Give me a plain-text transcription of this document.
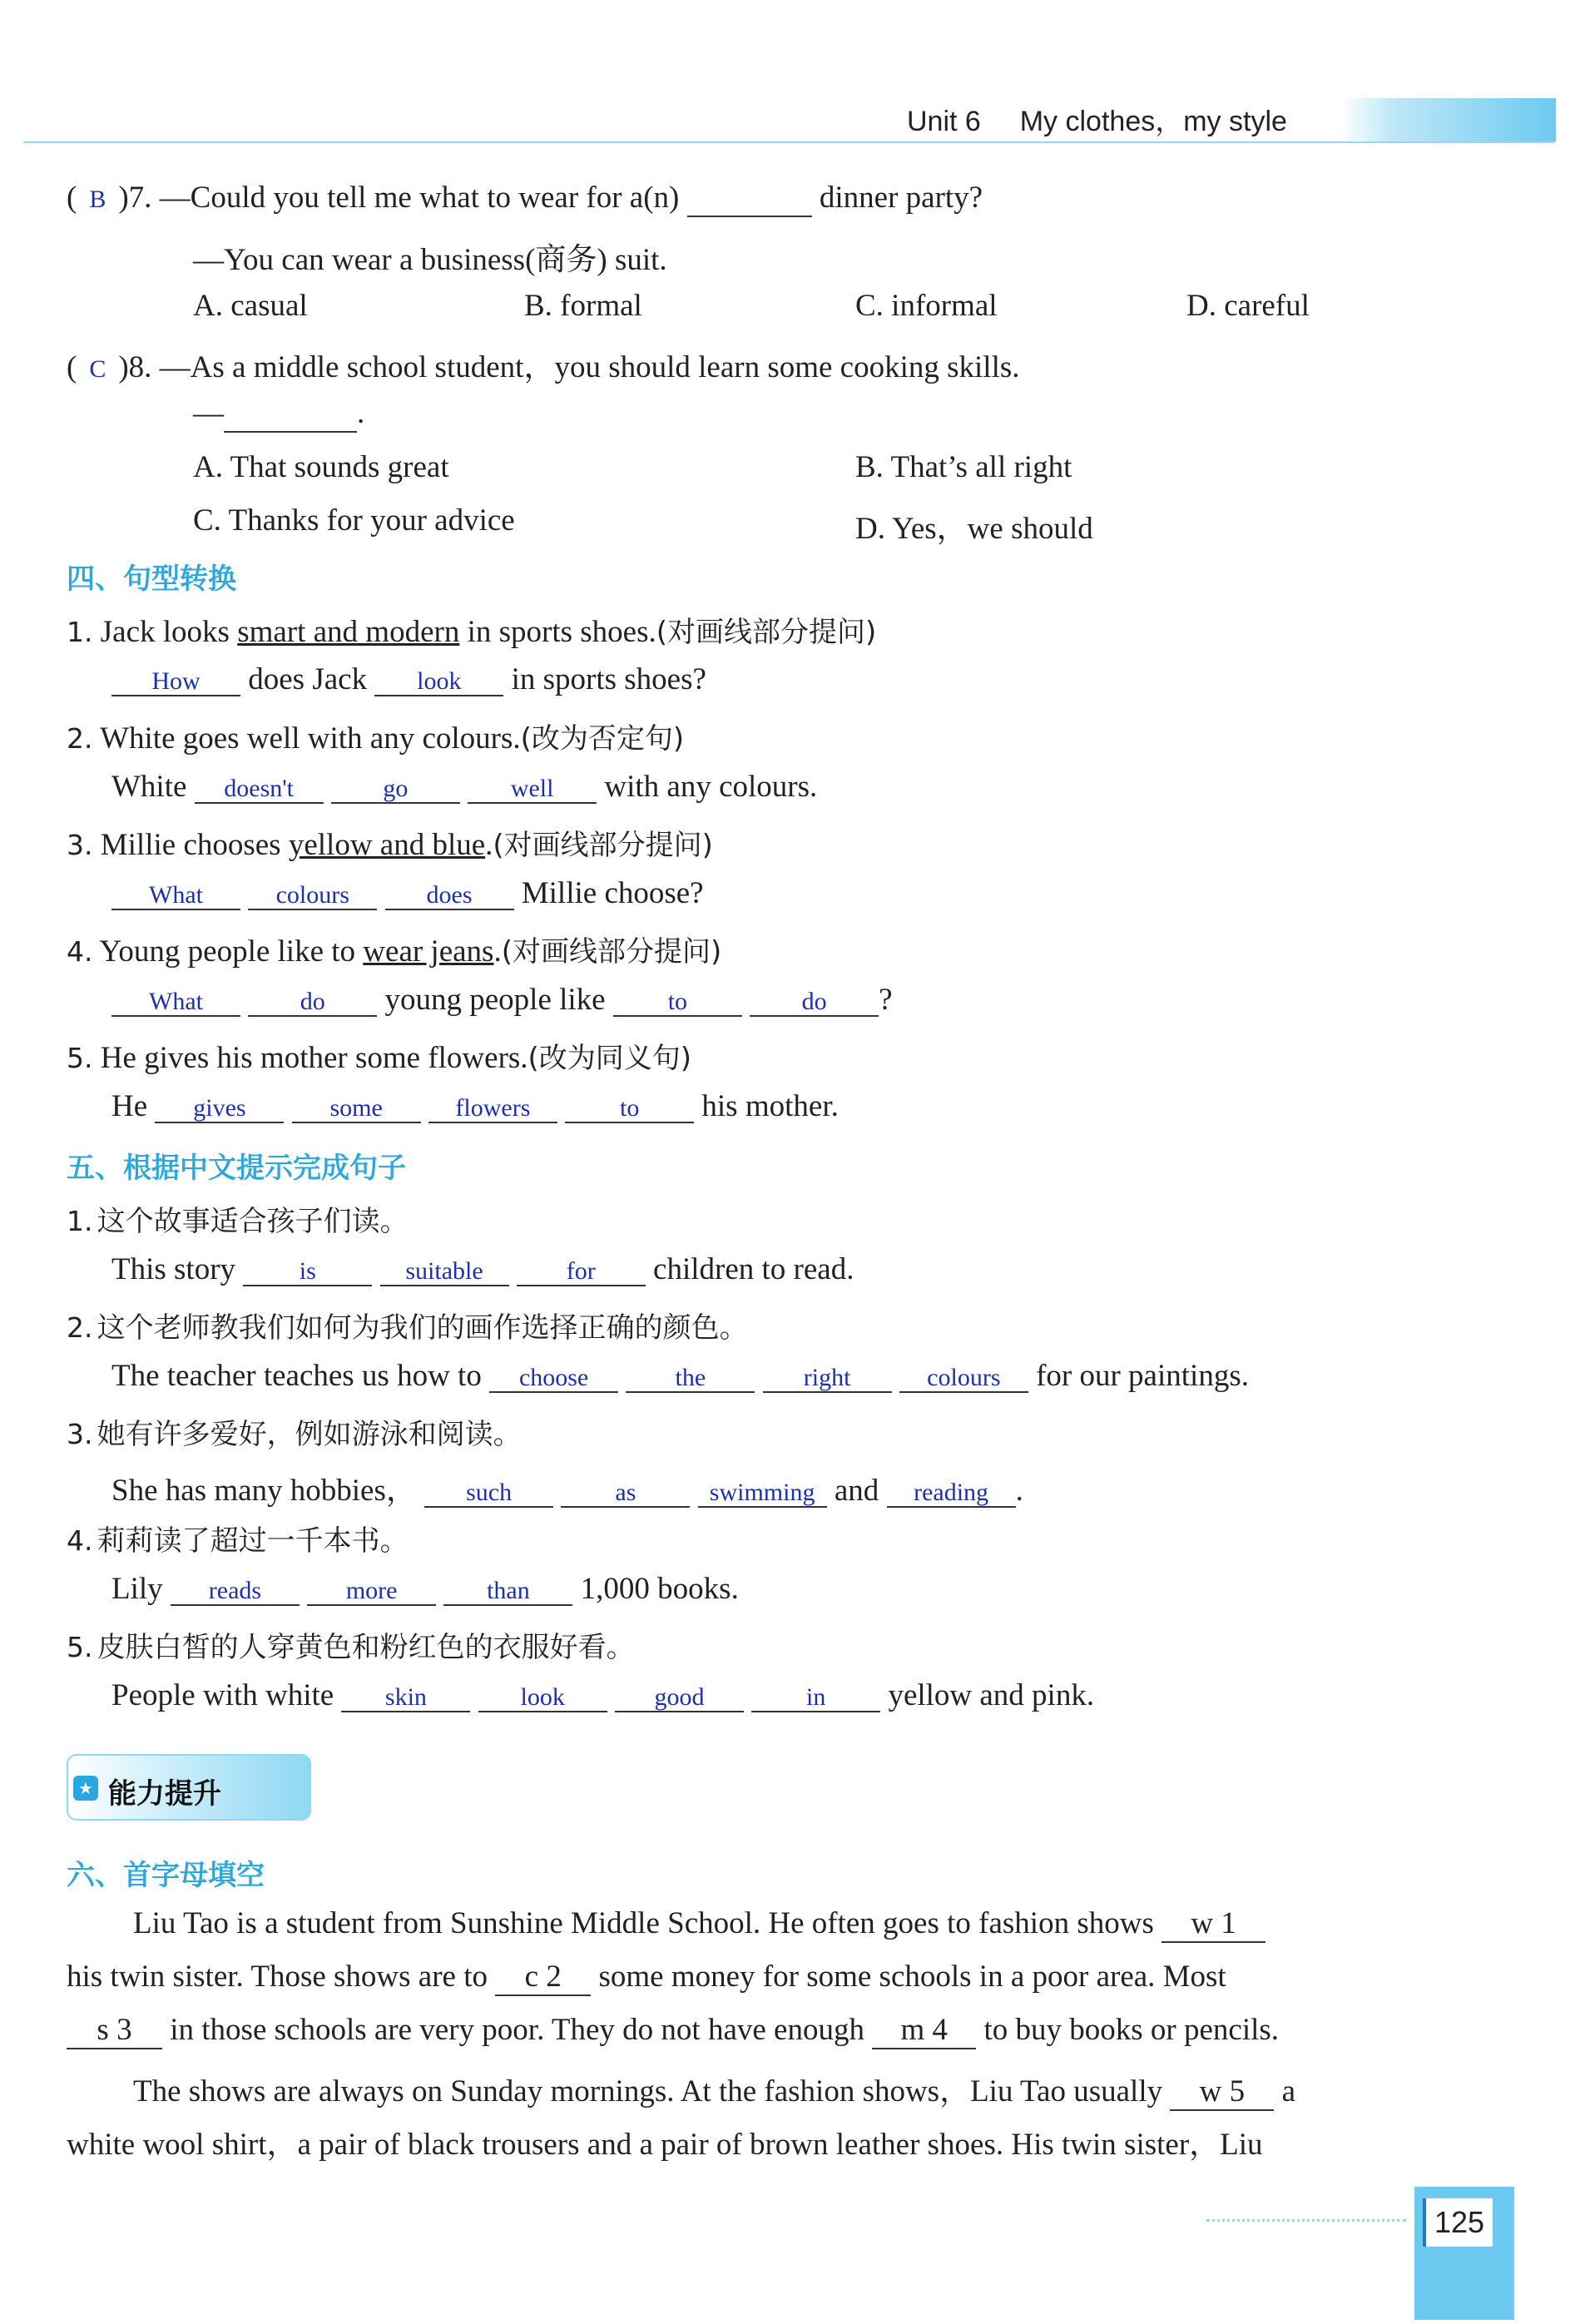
Unit 6 My clothes，my style
( B )7. —Could you tell me what to wear for a(n)	dinner party?
—You can wear a business(商务) suit.
A. casual	B. formal	C. informal	D. careful
( C )8. —As a middle school student，you should learn some cooking skills.
—	.
A. That sounds great	B. That’s all right
C. Thanks for your advice	D. Yes，we should
四、句型转换
1. Jack looks smart and modern in sports shoes.(对画线部分提问)
How does Jack look in sports shoes?
2. White goes well with any colours.(改为否定句)
White doesn't	go	well with any colours.
3. Millie chooses yellow and blue.(对画线部分提问)
What	colours	does Millie choose?
4. Young people like to wear jeans.(对画线部分提问)
What	do young people like	to	do ?
5. He gives his mother some flowers.(改为同义句)
He gives	some	flowers	to his mother.
五、根据中文提示完成句子
1. 这个故事适合孩子们读。
This story	is	suitable	for children to read.
2. 这个老师教我们如何为我们的画作选择正确的颜色。
The teacher teaches us how to choose	the	right	colours for our paintings.
3. 她有许多爱好，例如游泳和阅读。
She has many hobbies， such	as	swimming and reading .
4. 莉莉读了超过一千本书。
Lily reads	more	than 1,000 books.
5. 皮肤白皙的人穿黄色和粉红色的衣服好看。
People with white skin	look	good	in yellow and pink.
★ 能力提升
六、首字母填空
Liu Tao is a student from Sunshine Middle School. He often goes to fashion shows w 1
his twin sister. Those shows are to c 2 some money for some schools in a poor area. Most
s 3 in those schools are very poor. They do not have enough m 4 to buy books or pencils.
The shows are always on Sunday mornings. At the fashion shows，Liu Tao usually w 5 a
white wool shirt，a pair of black trousers and a pair of brown leather shoes. His twin sister，Liu
125
